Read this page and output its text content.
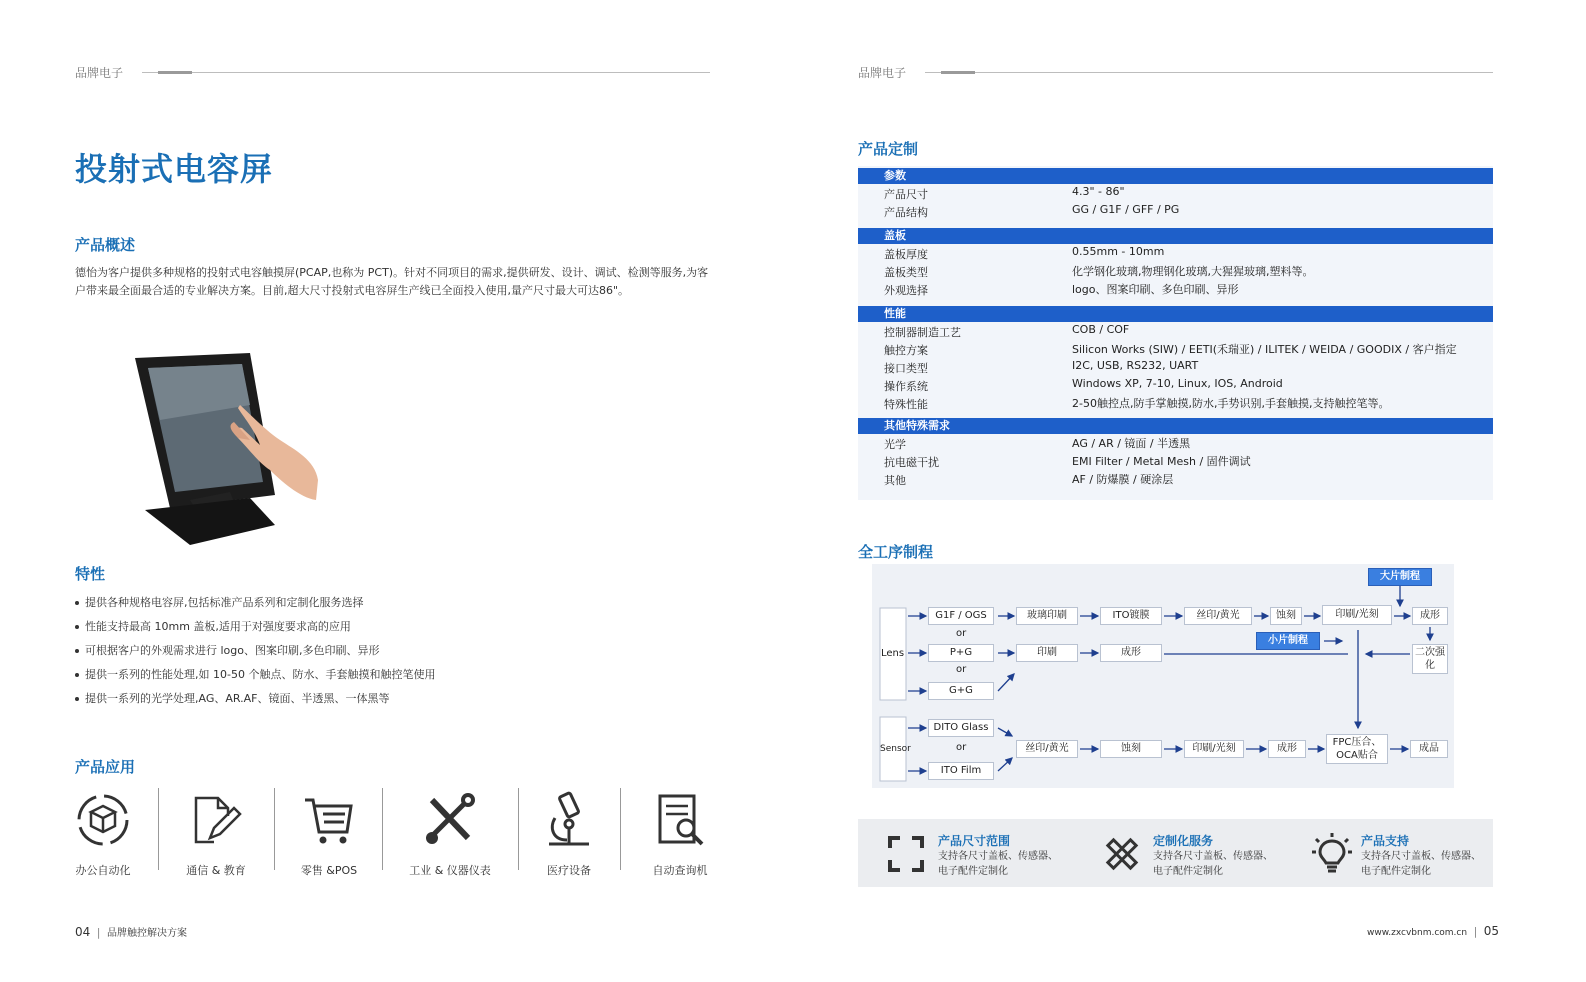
品牌电子
投射式电容屏
产品概述
德怡为客户提供多种规格的投射式电容触摸屏(PCAP,也称为 PCT)。针对不同项目的需求,提供研发、设计、调试、检测等服务,为客户带来最全面最合适的专业解决方案。目前,超大尺寸投射式电容屏生产线已全面投入使用,量产尺寸最大可达86"。
特性
提供各种规格电容屏,包括标准产品系列和定制化服务选择
性能支持最高 10mm 盖板,适用于对强度要求高的应用
可根据客户的外观需求进行 logo、图案印刷,多色印刷、异形
提供一系列的性能处理,如 10-50 个触点、防水、手套触摸和触控笔使用
提供一系列的光学处理,AG、AR.AF、镜面、半透黑、一体黑等
产品应用
办公自动化	通信 & 教育	零售 &POS	工业 & 仪器仪表	医疗设备	自动查询机
04 | 品牌触控解决方案
品牌电子
产品定制
参数
产品尺寸	4.3" - 86"
产品结构	GG / G1F / GFF / PG
盖板
盖板厚度	0.55mm - 10mm
盖板类型	化学钢化玻璃,物理钢化玻璃,大猩猩玻璃,塑料等。
外观选择	logo、图案印刷、多色印刷、异形
性能
控制器制造工艺	COB / COF
触控方案	Silicon Works (SIW) / EETI(禾瑞亚) / ILITEK / WEIDA / GOODIX / 客户指定
接口类型	I2C, USB, RS232, UART
操作系统	Windows XP, 7-10, Linux, IOS, Android
特殊性能	2-50触控点,防手掌触摸,防水,手势识别,手套触摸,支持触控笔等。
其他特殊需求
光学	AG / AR / 镜面 / 半透黑
抗电磁干扰	EMI Filter / Metal Mesh / 固件调试
其他	AF / 防爆膜 / 硬涂层
全工序制程
Lens
Sensor
G1F / OGS
or
P+G
or
G+G
玻璃印刷	ITO镀膜	丝印/黄光	蚀刻	印刷/光刻	成形
印刷	成形	二次强化
大片制程
小片制程
DITO Glass
or
ITO Film
丝印/黄光	蚀刻	印刷/光刻	成形
FPC压合、OCA贴合
成品
产品尺寸范围
支持各尺寸盖板、传感器、
电子配件定制化
定制化服务
支持各尺寸盖板、传感器、
电子配件定制化
产品支持
支持各尺寸盖板、传感器、
电子配件定制化
www.zxcvbnm.com.cn | 05
